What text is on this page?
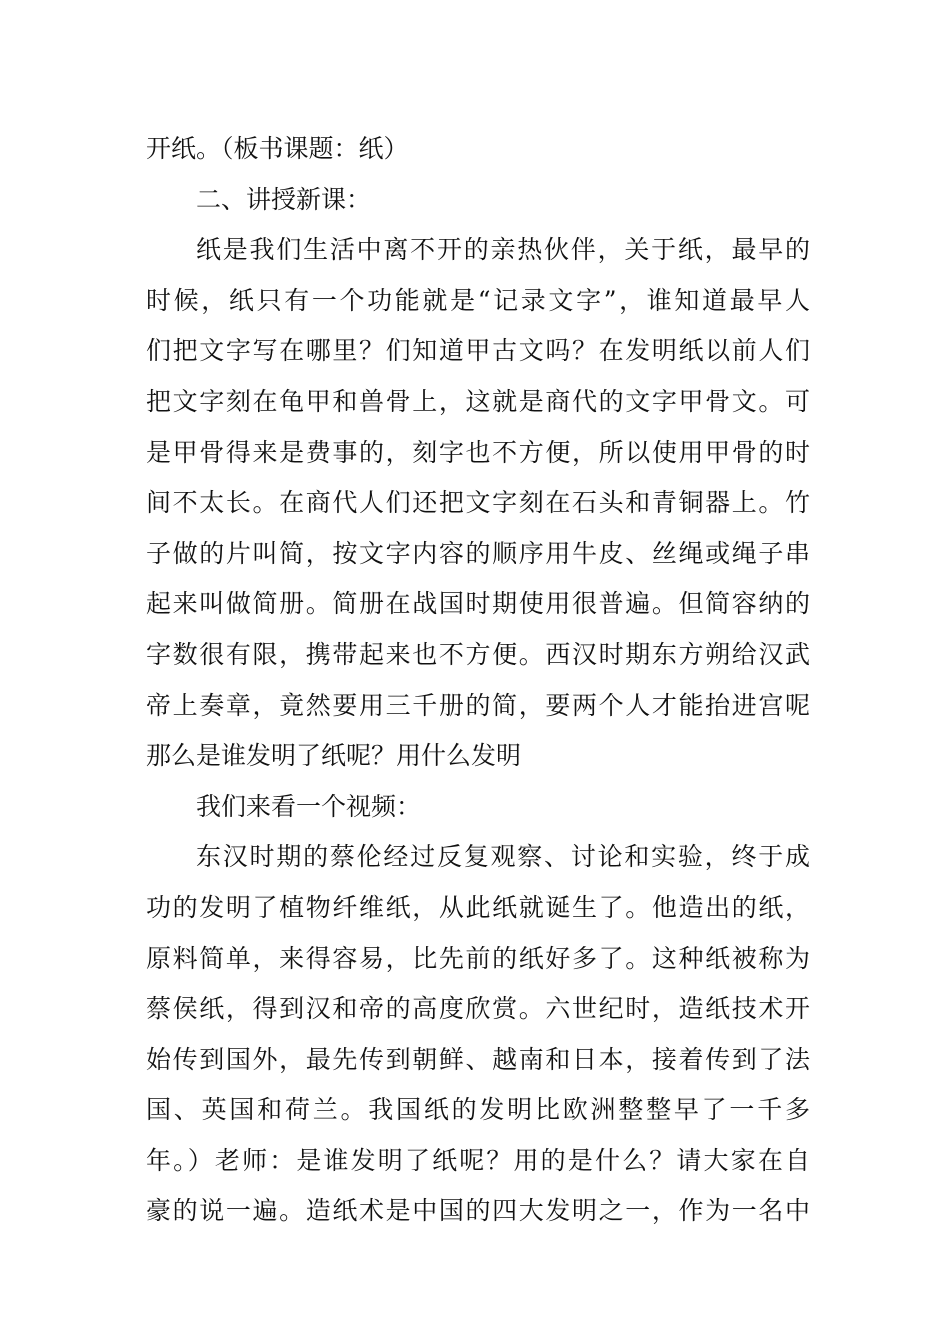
开纸。（板书课题：纸）
二、讲授新课：
纸是我们生活中离不开的亲热伙伴，关于纸，最早的
时候，纸只有一个功能就是“记录文字”，谁知道最早人
们把文字写在哪里？们知道甲古文吗？在发明纸以前人们
把文字刻在龟甲和兽骨上，这就是商代的文字甲骨文。可
是甲骨得来是费事的，刻字也不方便，所以使用甲骨的时
间不太长。在商代人们还把文字刻在石头和青铜器上。竹
子做的片叫简，按文字内容的顺序用牛皮、丝绳或绳子串
起来叫做简册。简册在战国时期使用很普遍。但简容纳的
字数很有限，携带起来也不方便。西汉时期东方朔给汉武
帝上奏章，竟然要用三千册的简，要两个人才能抬进宫呢
那么是谁发明了纸呢？用什么发明
我们来看一个视频：
东汉时期的蔡伦经过反复观察、讨论和实验，终于成
功的发明了植物纤维纸，从此纸就诞生了。他造出的纸，
原料简单，来得容易，比先前的纸好多了。这种纸被称为
蔡侯纸，得到汉和帝的高度欣赏。六世纪时，造纸技术开
始传到国外，最先传到朝鲜、越南和日本，接着传到了法
国、英国和荷兰。我国纸的发明比欧洲整整早了一千多
年。）老师：是谁发明了纸呢？用的是什么？请大家在自
豪的说一遍。造纸术是中国的四大发明之一，作为一名中
